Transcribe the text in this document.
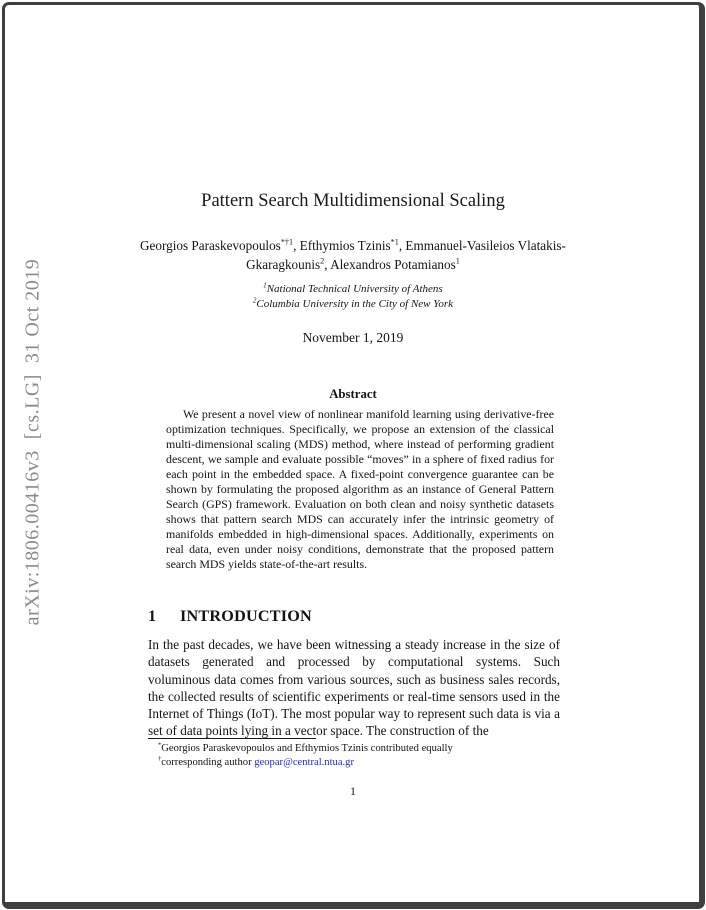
arXiv:1806.00416v3  [cs.LG]  31 Oct 2019
Pattern Search Multidimensional Scaling
Georgios Paraskevopoulos$^{*\dagger 1}$, Efthymios Tzinis$^{*1}$, Emmanuel-Vasileios Vlatakis-Gkaragkounis$^2$, Alexandros Potamianos$^1$
$^1$National Technical University of Athens
$^2$Columbia University in the City of New York
November 1, 2019
Abstract
We present a novel view of nonlinear manifold learning using derivative-free optimization techniques. Specifically, we propose an extension of the classical multi-dimensional scaling (MDS) method, where instead of performing gradient descent, we sample and evaluate possible “moves” in a sphere of fixed radius for each point in the embedded space. A fixed-point convergence guarantee can be shown by formulating the proposed algorithm as an instance of General Pattern Search (GPS) framework. Evaluation on both clean and noisy synthetic datasets shows that pattern search MDS can accurately infer the intrinsic geometry of manifolds embedded in high-dimensional spaces. Additionally, experiments on real data, even under noisy conditions, demonstrate that the proposed pattern search MDS yields state-of-the-art results.
1 INTRODUCTION
In the past decades, we have been witnessing a steady increase in the size of datasets generated and processed by computational systems. Such voluminous data comes from various sources, such as business sales records, the collected results of scientific experiments or real-time sensors used in the Internet of Things (IoT). The most popular way to represent such data is via a set of data points lying in a vector space. The construction of the
*Georgios Paraskevopoulos and Efthymios Tzinis contributed equally
†corresponding author geopar@central.ntua.gr
1
